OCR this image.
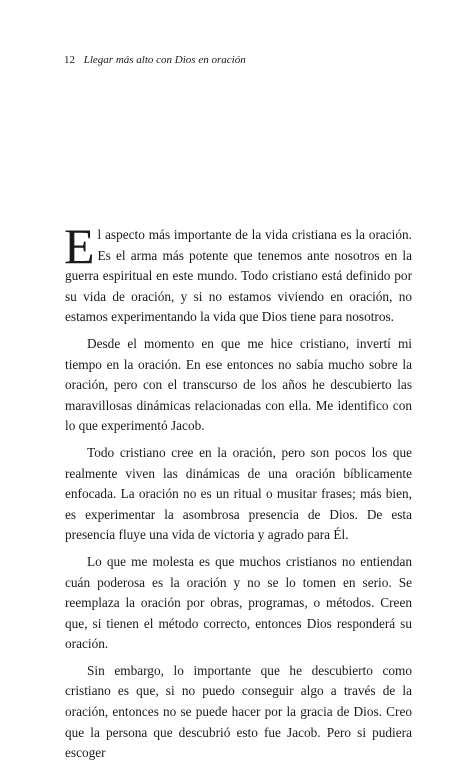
12 Llegar más alto con Dios en oración

El aspecto más importante de la vida cristiana es la oración. Es el arma más potente que tenemos ante nosotros en la guerra espiritual en este mundo. Todo cristiano está definido por su vida de oración, y si no estamos viviendo en oración, no estamos experimentando la vida que Dios tiene para nosotros.

Desde el momento en que me hice cristiano, invertí mi tiempo en la oración. En ese entonces no sabía mucho sobre la oración, pero con el transcurso de los años he descubierto las maravillosas dinámicas relacionadas con ella. Me identifico con lo que experimentó Jacob.

Todo cristiano cree en la oración, pero son pocos los que realmente viven las dinámicas de una oración bíblicamente enfocada. La oración no es un ritual o musitar frases; más bien, es experimentar la asombrosa presencia de Dios. De esta presencia fluye una vida de victoria y agrado para Él.

Lo que me molesta es que muchos cristianos no entiendan cuán poderosa es la oración y no se lo tomen en serio. Se reemplaza la oración por obras, programas, o métodos. Creen que, si tienen el método correcto, entonces Dios responderá su oración.

Sin embargo, lo importante que he descubierto como cristiano es que, si no puedo conseguir algo a través de la oración, entonces no se puede hacer por la gracia de Dios. Creo que la persona que descubrió esto fue Jacob. Pero si pudiera escoger
